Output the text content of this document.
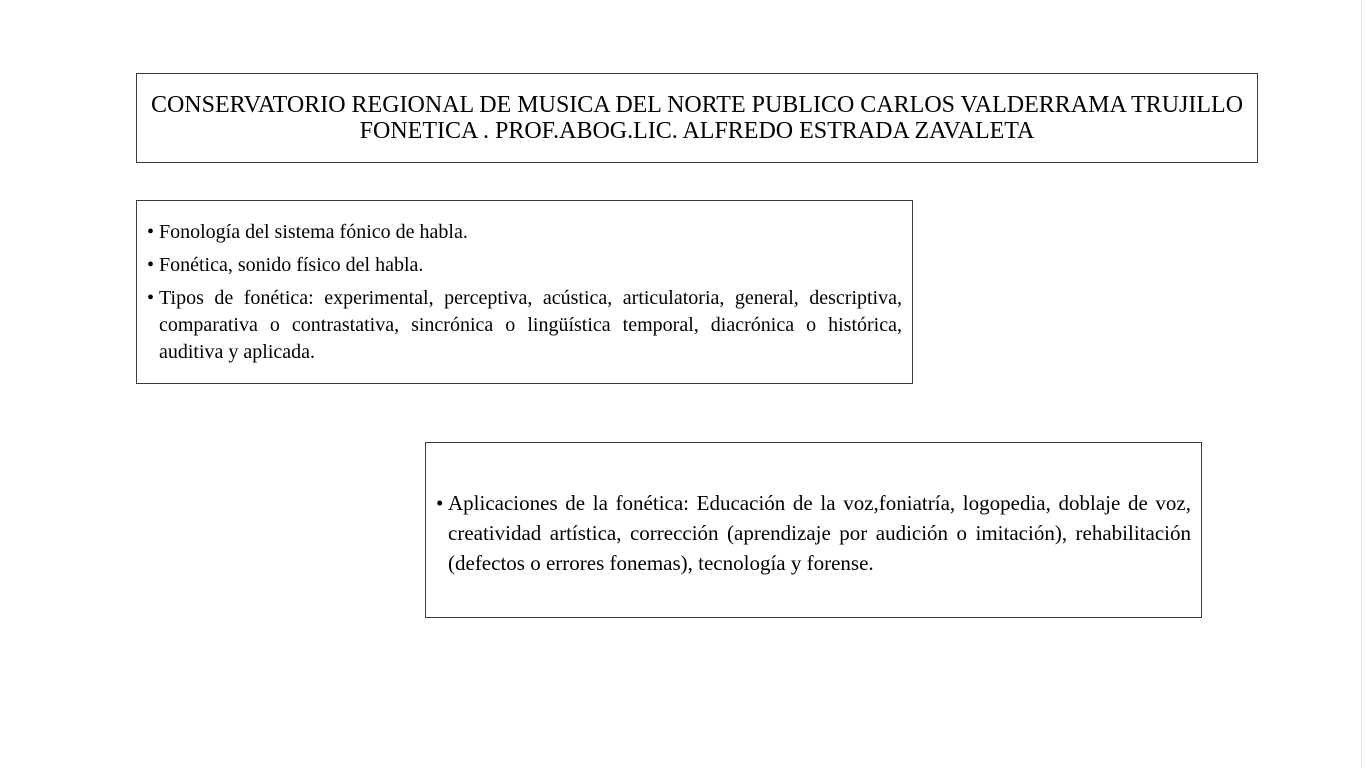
CONSERVATORIO REGIONAL DE MUSICA DEL NORTE PUBLICO CARLOS VALDERRAMA TRUJILLO FONETICA . PROF.ABOG.LIC. ALFREDO ESTRADA ZAVALETA

• Fonología del sistema fónico de habla.
• Fonética, sonido físico del habla.
• Tipos de fonética: experimental, perceptiva, acústica, articulatoria, general, descriptiva, comparativa o contrastativa, sincrónica o lingüística temporal, diacrónica o histórica, auditiva y aplicada.
• Aplicaciones de la fonética: Educación de la voz,foniatría, logopedia, doblaje de voz, creatividad artística, corrección (aprendizaje por audición o imitación), rehabilitación (defectos o errores fonemas), tecnología y forense.
